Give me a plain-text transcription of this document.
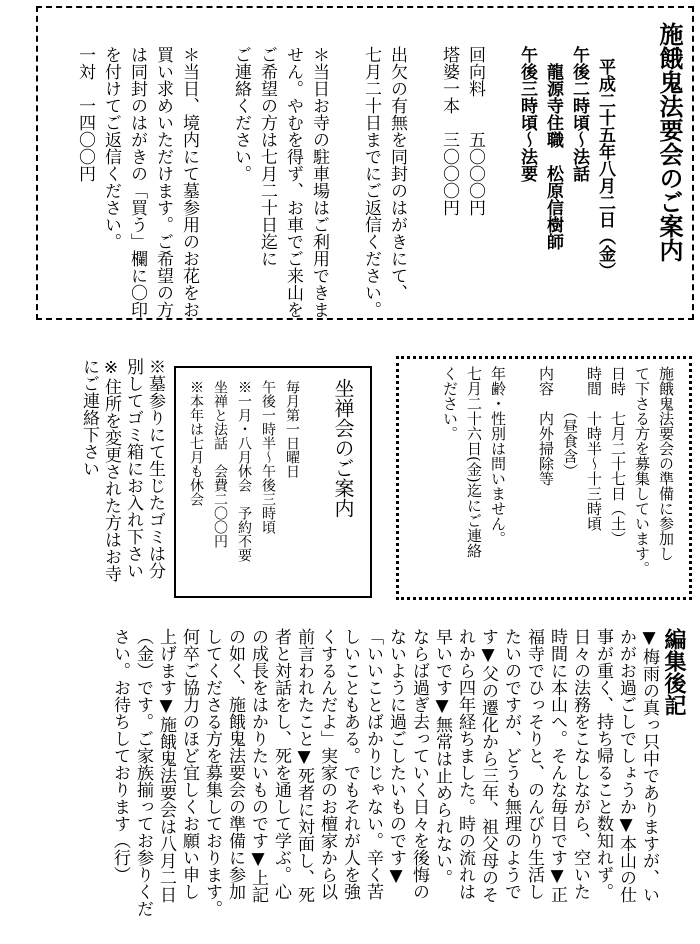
施餓鬼法要会のご案内

平成二十五年八月二日（金）
午後二時頃～法話
　龍源寺住職　松原信樹師
午後三時頃～法要

回向料　　五〇〇〇円
塔婆一本　三〇〇〇円

出欠の有無を同封のはがきにて、
七月二十日までにご返信ください。

＊当日お寺の駐車場はご利用できま
せん。やむを得ず、お車でご来山を
ご希望の方は七月二十日迄に
ご連絡ください。

＊当日、境内にて墓参用のお花をお
買い求めいただけます。ご希望の方
は同封のはがきの「買う」欄に〇印
を付けてご返信ください。
一対　一四〇〇円
施餓鬼法要会の準備に参加し
て下さる方を募集しています。
日時　七月二十七日（土）
時間　十時半～十三時頃
　　　（昼食含）
内容　内外掃除等

年齢・性別は問いません。
七月二十六日(金)迄にご連絡
ください。
坐禅会のご案内
毎月第一日曜日
午後一時半～午後三時頃
※一月・八月休会　予約不要
坐禅と法話　会費二〇〇円
※本年は七月も休会
※墓参りにて生じたゴミは分
別してゴミ箱にお入れ下さい
※住所を変更された方はお寺
にご連絡下さい
編集後記
▼梅雨の真っ只中でありますが、い
かがお過ごしでしょうか▼本山の仕
事が重く、持ち帰ること数知れず。
日々の法務をこなしながら、空いた
時間に本山へ。そんな毎日です▼正
福寺でひっそりと、のんびり生活し
たいのですが、どうも無理のようで
す▼父の遷化から三年、祖父母のそ
れから四年経ちました。時の流れは
早いです▼無常は止められない。
ならば過ぎ去っていく日々を後悔の
ないように過ごしたいものです▼
「いいことばかりじゃない。辛く苦
しいこともある。でもそれが人を強
くするんだよ」実家のお檀家から以
前言われたこと▼死者に対面し、死
者と対話をし、死を通して学ぶ。心
の成長をはかりたいものです▼上記
の如く、施餓鬼法要会の準備に参加
してくださる方を募集しております。
何卒ご協力のほど宜しくお願い申し
上げます▼施餓鬼法要会は八月二日
（金）です。ご家族揃ってお参りくだ
さい。お待ちしております（行）
